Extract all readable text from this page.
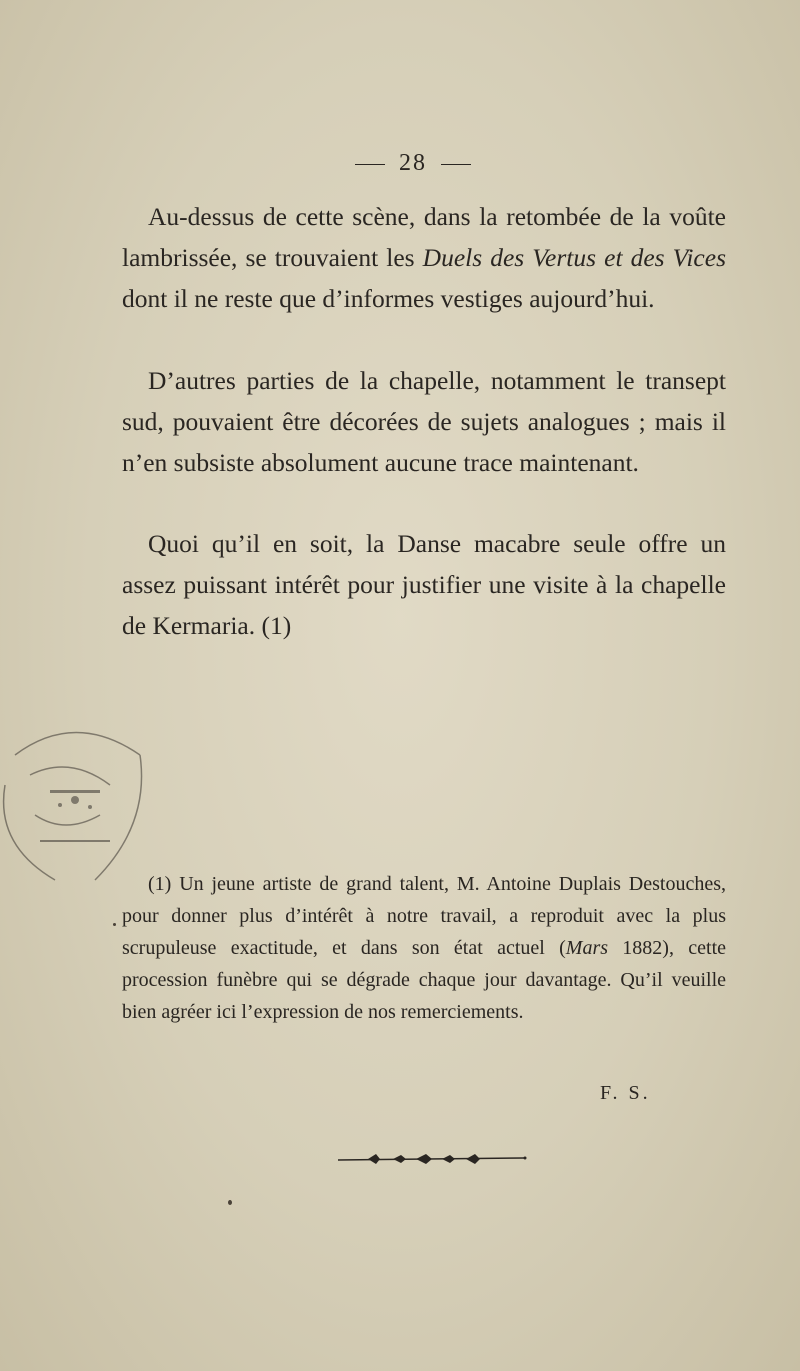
28
Au-dessus de cette scène, dans la retombée de la voûte lambrissée, se trouvaient les Duels des Vertus et des Vices dont il ne reste que d’informes vestiges aujourd’hui.
D’autres parties de la chapelle, notamment le transept sud, pouvaient être décorées de sujets analogues ; mais il n’en subsiste absolument aucune trace maintenant.
Quoi qu’il en soit, la Danse macabre seule offre un assez puissant intérêt pour justifier une visite à la chapelle de Kermaria. (1)
(1) Un jeune artiste de grand talent, M. Antoine Duplais Destouches, pour donner plus d’intérêt à notre travail, a reproduit avec la plus scrupuleuse exactitude, et dans son état actuel (Mars 1882), cette procession funèbre qui se dégrade chaque jour davantage. Qu’il veuille bien agréer ici l’expression de nos remerciements.
F. S.
